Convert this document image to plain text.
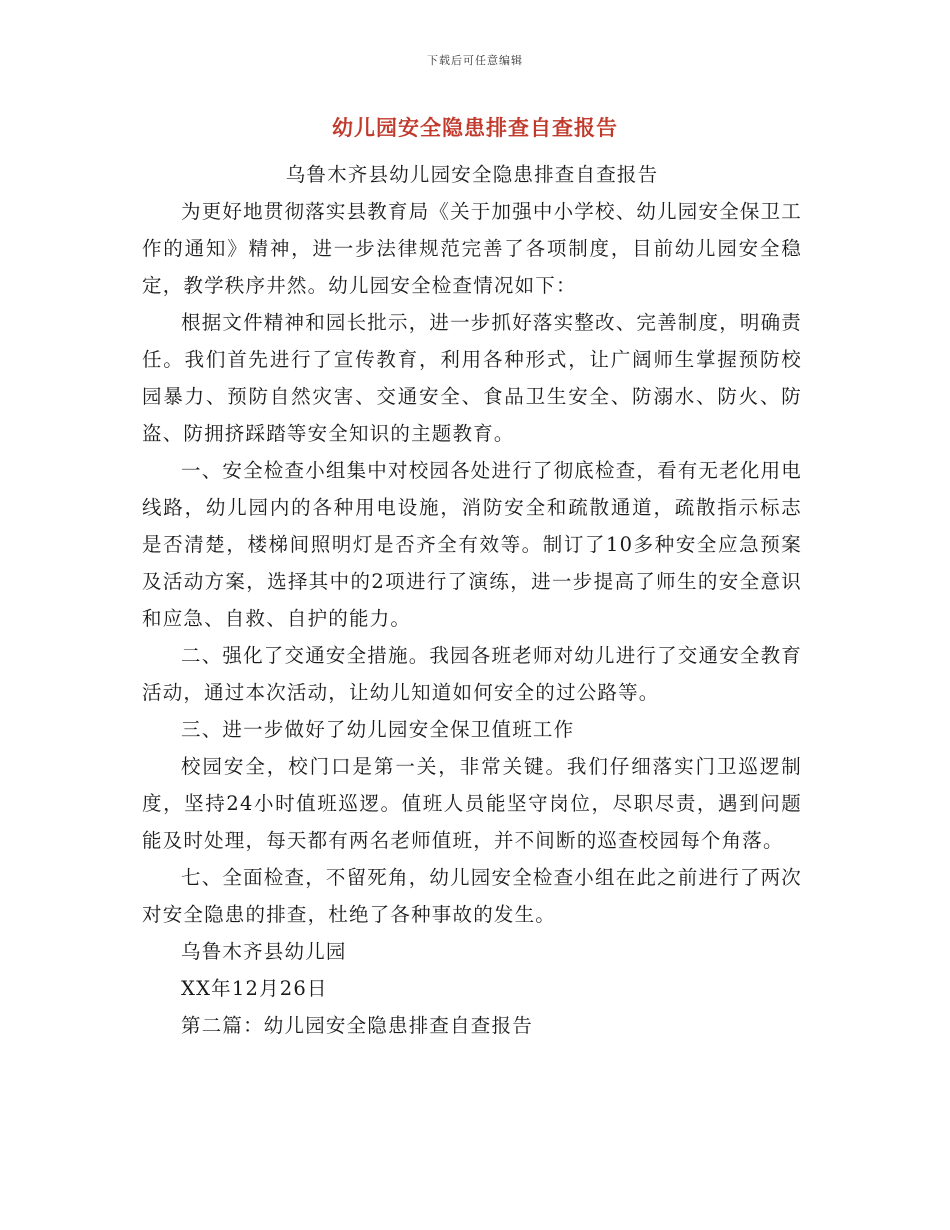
下载后可任意编辑
幼儿园安全隐患排查自查报告

乌鲁木齐县幼儿园安全隐患排查自查报告

为更好地贯彻落实县教育局《关于加强中小学校、幼儿园安全保卫工作的通知》精神，进一步法律规范完善了各项制度，目前幼儿园安全稳定，教学秩序井然。幼儿园安全检查情况如下：

根据文件精神和园长批示，进一步抓好落实整改、完善制度，明确责任。我们首先进行了宣传教育，利用各种形式，让广阔师生掌握预防校园暴力、预防自然灾害、交通安全、食品卫生安全、防溺水、防火、防盗、防拥挤踩踏等安全知识的主题教育。

一、安全检查小组集中对校园各处进行了彻底检查，看有无老化用电线路，幼儿园内的各种用电设施，消防安全和疏散通道，疏散指示标志是否清楚，楼梯间照明灯是否齐全有效等。制订了10多种安全应急预案及活动方案，选择其中的2项进行了演练，进一步提高了师生的安全意识和应急、自救、自护的能力。

二、强化了交通安全措施。我园各班老师对幼儿进行了交通安全教育活动，通过本次活动，让幼儿知道如何安全的过公路等。

三、进一步做好了幼儿园安全保卫值班工作

校园安全，校门口是第一关，非常关键。我们仔细落实门卫巡逻制度，坚持24小时值班巡逻。值班人员能坚守岗位，尽职尽责，遇到问题能及时处理，每天都有两名老师值班，并不间断的巡查校园每个角落。

七、全面检查，不留死角，幼儿园安全检查小组在此之前进行了两次对安全隐患的排查，杜绝了各种事故的发生。

乌鲁木齐县幼儿园

XX年12月26日

第二篇：幼儿园安全隐患排查自查报告
